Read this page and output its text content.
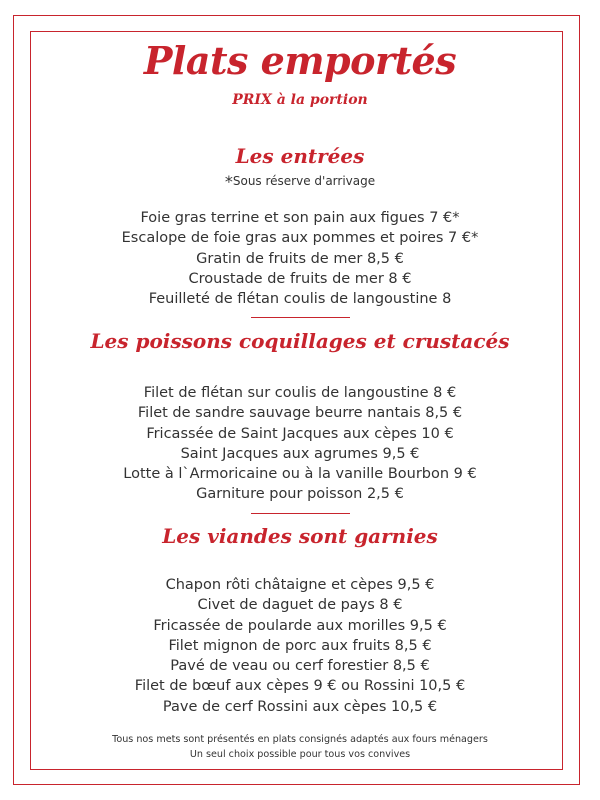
Plats emportés
PRIX à la portion
Les entrées
*Sous réserve d'arrivage
Foie gras terrine et son pain aux figues 7 €*
Escalope de foie gras aux pommes et poires 7 €*
Gratin de fruits de mer 8,5 €
Croustade de fruits de mer 8 €
Feuilleté de flétan coulis de langoustine 8
Les poissons coquillages et crustacés
Filet de flétan sur coulis de langoustine 8 €
Filet de sandre sauvage beurre nantais 8,5 €
Fricassée de Saint Jacques aux cèpes 10 €
Saint Jacques aux agrumes 9,5 €
Lotte à l`Armoricaine ou à la vanille Bourbon 9 €
Garniture pour poisson 2,5 €
Les viandes sont garnies
Chapon rôti châtaigne et cèpes 9,5 €
Civet de daguet de pays 8 €
Fricassée de poularde aux morilles 9,5 €
Filet mignon de porc aux fruits 8,5 €
Pavé de veau ou cerf forestier 8,5 €
Filet de bœuf aux cèpes 9 € ou Rossini 10,5 €
Pave de cerf Rossini aux cèpes 10,5 €
Tous nos mets sont présentés en plats consignés adaptés aux fours ménagers
Un seul choix possible pour tous vos convives
